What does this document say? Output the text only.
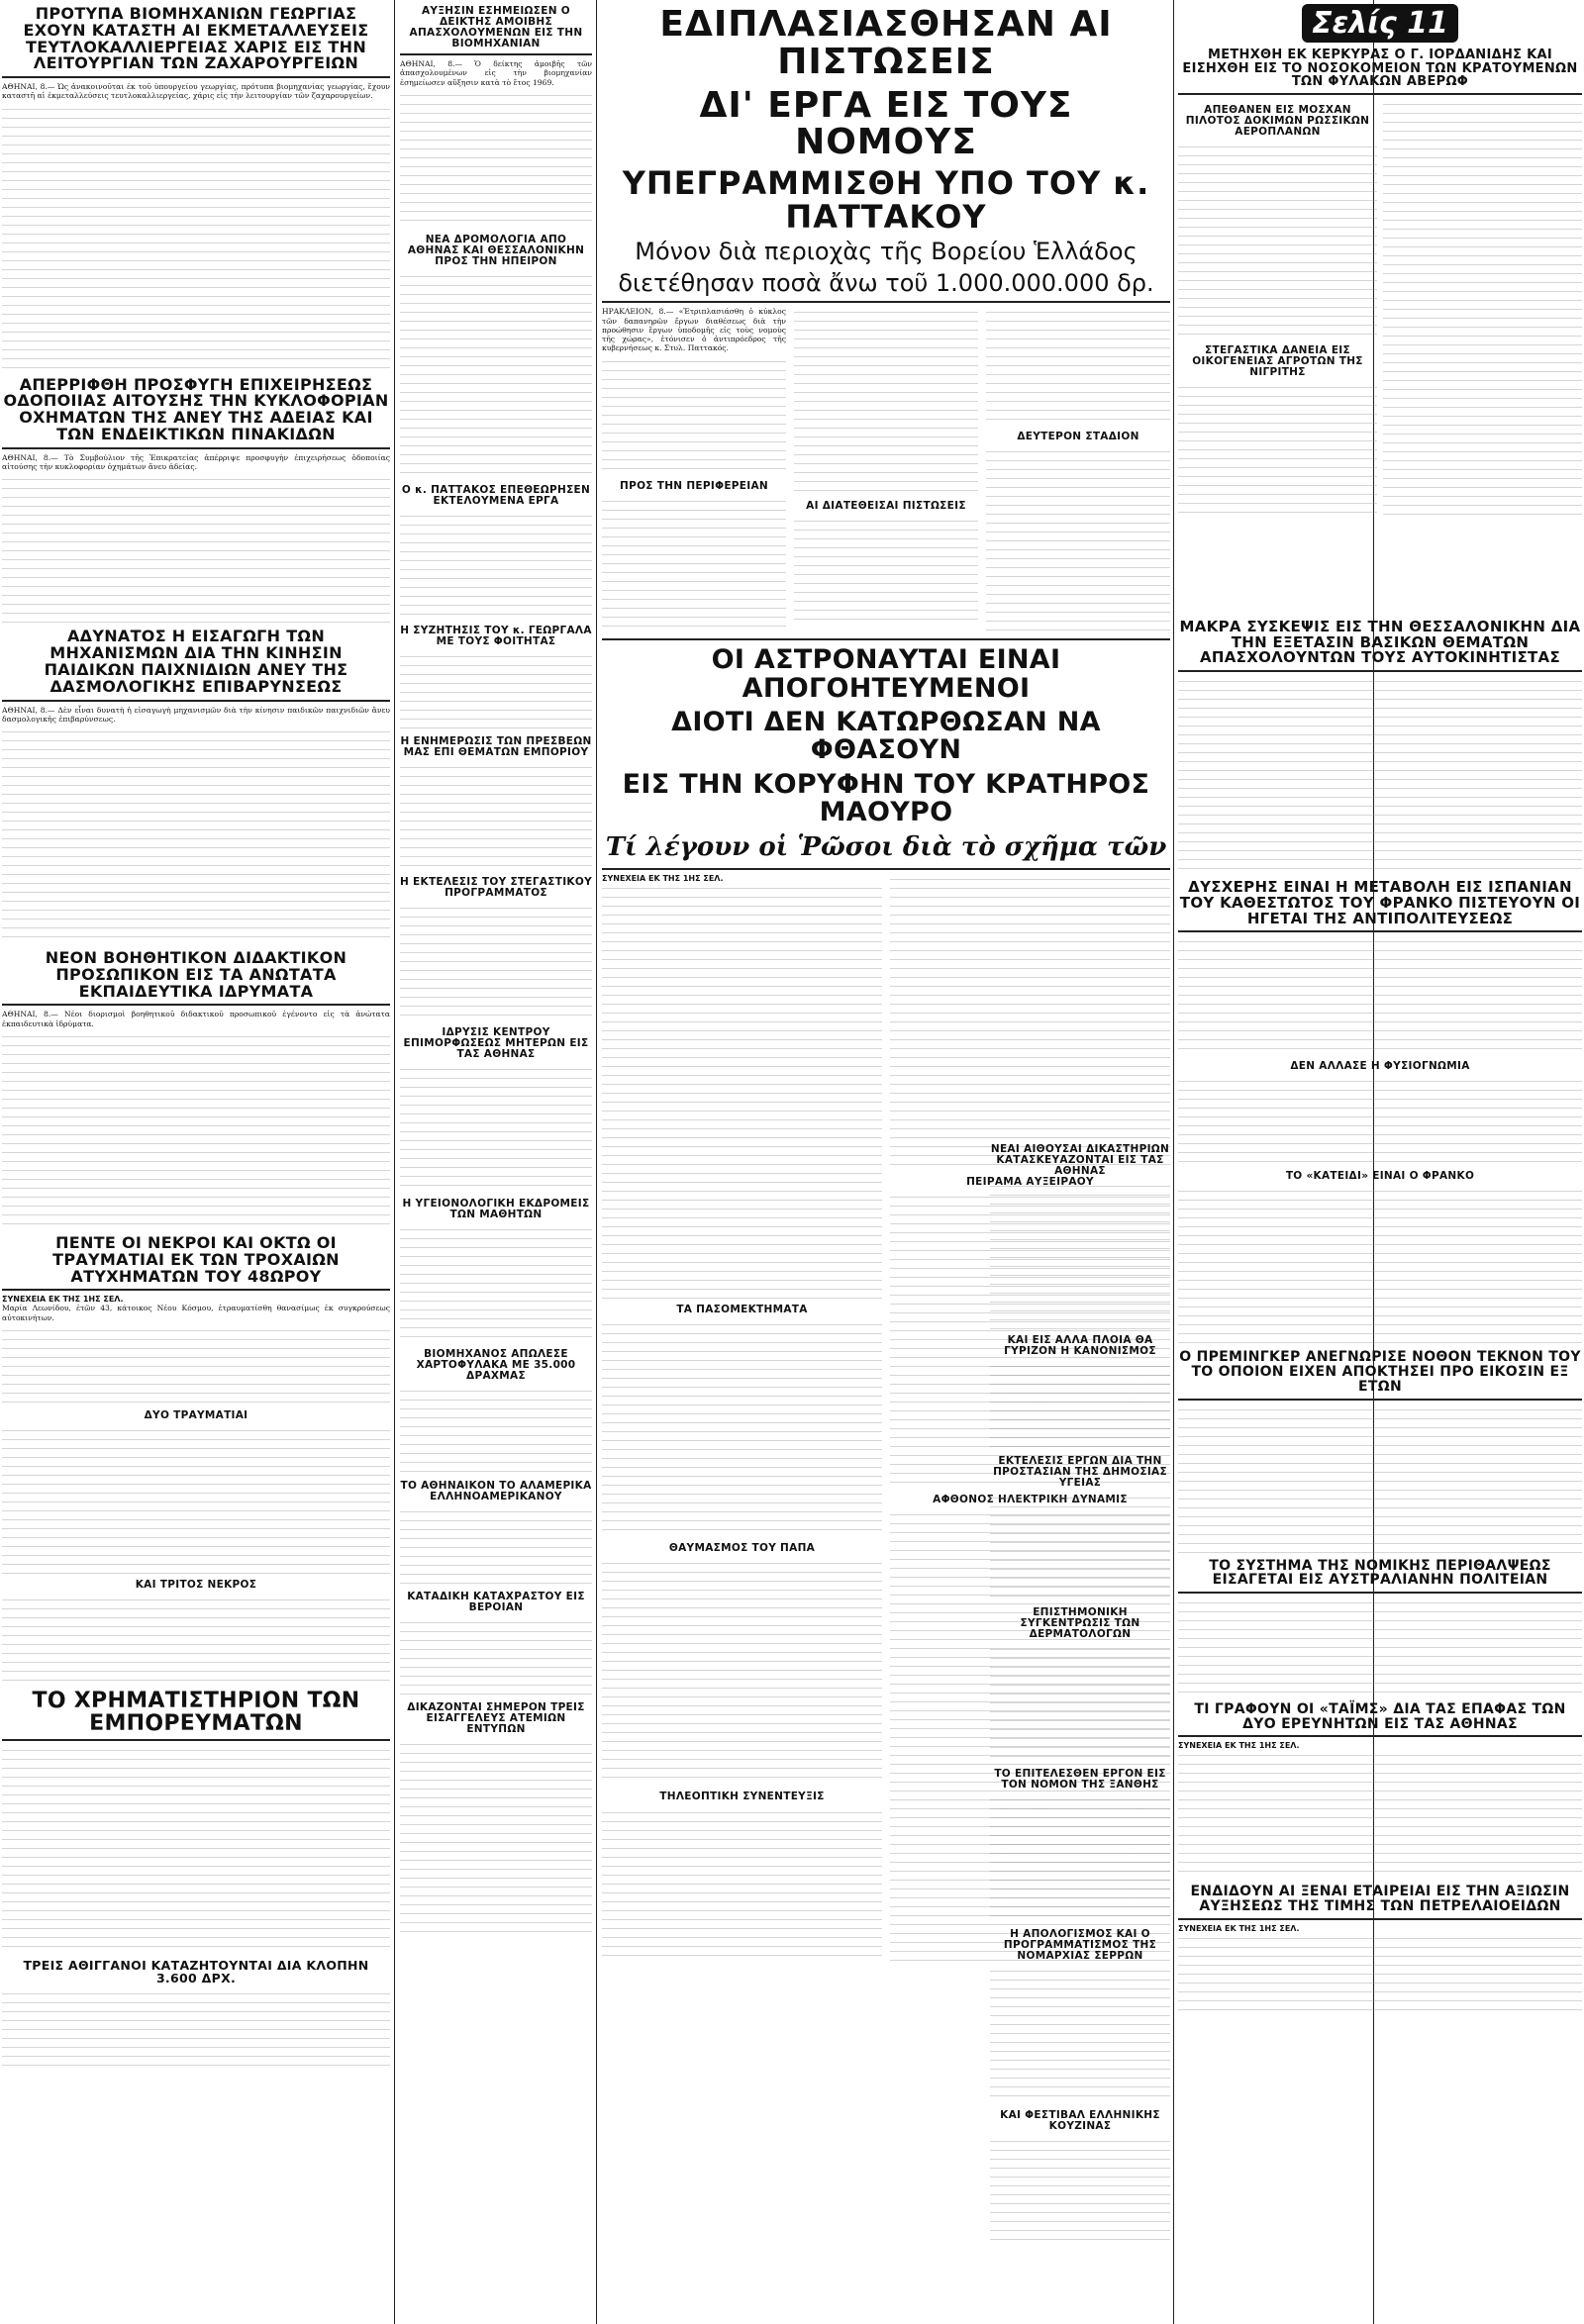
ΠΡΟΤΥΠΑ ΒΙΟΜΗΧΑΝΙΩΝ ΓΕΩΡΓΙΑΣ ΕΧΟΥΝ ΚΑΤΑΣΤΗ ΑΙ ΕΚΜΕΤΑΛΛΕΥΣΕΙΣ ΤΕΥΤΛΟΚΑΛΛΙΕΡΓΕΙΑΣ ΧΑΡΙΣ ΕΙΣ ΤΗΝ ΛΕΙΤΟΥΡΓΙΑΝ ΤΩΝ ΖΑΧΑΡΟΥΡΓΕΙΩΝ

ΑΘΗΝΑΙ, 8.— Ὡς ἀνακοινοῦται ἐκ τοῦ ὑπουργείου γεωργίας, πρότυπα βιομηχανίας γεωργίας, ἔχουν καταστῆ αἱ ἐκμεταλλεύσεις τευτλοκαλλιεργείας, χάρις εἰς τὴν λειτουργίαν τῶν ζαχαρουργείων.

ΑΠΕΡΡΙΦΘΗ ΠΡΟΣΦΥΓΗ ΕΠΙΧΕΙΡΗΣΕΩΣ ΟΔΟΠΟΙΙΑΣ ΑΙΤΟΥΣΗΣ ΤΗΝ ΚΥΚΛΟΦΟΡΙΑΝ ΟΧΗΜΑΤΩΝ ΤΗΣ ΑΝΕΥ ΤΗΣ ΑΔΕΙΑΣ ΚΑΙ ΤΩΝ ΕΝΔΕΙΚΤΙΚΩΝ ΠΙΝΑΚΙΔΩΝ

ΑΘΗΝΑΙ, 8.— Τὸ Συμβούλιον τῆς Ἐπικρατείας ἀπέρριψε προσφυγὴν ἐπιχειρήσεως ὁδοποιίας αἰτούσης τὴν κυκλοφορίαν ὀχημάτων ἄνευ ἀδείας.

ΑΔΥΝΑΤΟΣ Η ΕΙΣΑΓΩΓΗ ΤΩΝ ΜΗΧΑΝΙΣΜΩΝ ΔΙΑ ΤΗΝ ΚΙΝΗΣΙΝ ΠΑΙΔΙΚΩΝ ΠΑΙΧΝΙΔΙΩΝ ΑΝΕΥ ΤΗΣ ΔΑΣΜΟΛΟΓΙΚΗΣ ΕΠΙΒΑΡΥΝΣΕΩΣ

ΑΘΗΝΑΙ, 8.— Δὲν εἶναι δυνατὴ ἡ εἰσαγωγὴ μηχανισμῶν διὰ τὴν κίνησιν παιδικῶν παιχνιδιῶν ἄνευ δασμολογικῆς ἐπιβαρύνσεως.

ΝΕΟΝ ΒΟΗΘΗΤΙΚΟΝ ΔΙΔΑΚΤΙΚΟΝ ΠΡΟΣΩΠΙΚΟΝ ΕΙΣ ΤΑ ΑΝΩΤΑΤΑ ΕΚΠΑΙΔΕΥΤΙΚΑ ΙΔΡΥΜΑΤΑ

ΑΘΗΝΑΙ, 8.— Νέοι διορισμοὶ βοηθητικοῦ διδακτικοῦ προσωπικοῦ ἐγένοντο εἰς τὰ ἀνώτατα ἐκπαιδευτικὰ ἱδρύματα.

ΠΕΝΤΕ ΟΙ ΝΕΚΡΟΙ ΚΑΙ ΟΚΤΩ ΟΙ ΤΡΑΥΜΑΤΙΑΙ ΕΚ ΤΩΝ ΤΡΟΧΑΙΩΝ ΑΤΥΧΗΜΑΤΩΝ ΤΟΥ 48ΩΡΟΥ
ΣΥΝΕΧΕΙΑ ΕΚ ΤΗΣ 1ΗΣ ΣΕΛ.

Μαρία Λεωνίδου, ἐτῶν 43, κάτοικος Νέου Κόσμου, ἐτραυματίσθη θανασίμως ἐκ συγκρούσεως αὐτοκινήτων.

ΔΥΟ ΤΡΑΥΜΑΤΙΑΙ
ΚΑΙ ΤΡΙΤΟΣ ΝΕΚΡΟΣ
ΤΟ ΧΡΗΜΑΤΙΣΤΗΡΙΟΝ ΤΩΝ ΕΜΠΟΡΕΥΜΑΤΩΝ
ΤΡΕΙΣ ΑΘΙΓΓΑΝΟΙ ΚΑΤΑΖΗΤΟΥΝΤΑΙ ΔΙΑ ΚΛΟΠΗΝ 3.600 ΔΡΧ.
ΑΥΞΗΣΙΝ ΕΣΗΜΕΙΩΣΕΝ Ο ΔΕΙΚΤΗΣ ΑΜΟΙΒΗΣ ΑΠΑΣΧΟΛΟΥΜΕΝΩΝ ΕΙΣ ΤΗΝ ΒΙΟΜΗΧΑΝΙΑΝ

ΑΘΗΝΑΙ, 8.— Ὁ δείκτης ἀμοιβῆς τῶν ἀπασχολουμένων εἰς τὴν βιομηχανίαν ἐσημείωσεν αὔξησιν κατὰ τὸ ἔτος 1969.

ΝΕΑ ΔΡΟΜΟΛΟΓΙΑ ΑΠΟ ΑΘΗΝΑΣ ΚΑΙ ΘΕΣΣΑΛΟΝΙΚΗΝ ΠΡΟΣ ΤΗΝ ΗΠΕΙΡΟΝ
Ο κ. ΠΑΤΤΑΚΟΣ ΕΠΕΘΕΩΡΗΣΕΝ ΕΚΤΕΛΟΥΜΕΝΑ ΕΡΓΑ
Η ΣΥΖΗΤΗΣΙΣ ΤΟΥ κ. ΓΕΩΡΓΑΛΑ ΜΕ ΤΟΥΣ ΦΟΙΤΗΤΑΣ
Η ΕΝΗΜΕΡΩΣΙΣ ΤΩΝ ΠΡΕΣΒΕΩΝ ΜΑΣ ΕΠΙ ΘΕΜΑΤΩΝ ΕΜΠΟΡΙΟΥ
Η ΕΚΤΕΛΕΣΙΣ ΤΟΥ ΣΤΕΓΑΣΤΙΚΟΥ ΠΡΟΓΡΑΜΜΑΤΟΣ
ΙΔΡΥΣΙΣ ΚΕΝΤΡΟΥ ΕΠΙΜΟΡΦΩΣΕΩΣ ΜΗΤΕΡΩΝ ΕΙΣ ΤΑΣ ΑΘΗΝΑΣ
Η ΥΓΕΙΟΝΟΛΟΓΙΚΗ ΕΚΔΡΟΜΕΙΣ ΤΩΝ ΜΑΘΗΤΩΝ
ΒΙΟΜΗΧΑΝΟΣ ΑΠΩΛΕΣΕ ΧΑΡΤΟΦΥΛΑΚΑ ΜΕ 35.000 ΔΡΑΧΜΑΣ
ΤΟ ΑΘΗΝΑΙΚΟΝ ΤΟ ΑΛΑΜΕΡΙΚΑ ΕΛΛΗΝΟΑΜΕΡΙΚΑΝΟΥ
ΚΑΤΑΔΙΚΗ ΚΑΤΑΧΡΑΣΤΟΥ ΕΙΣ ΒΕΡΟΙΑΝ
ΔΙΚΑΖΟΝΤΑΙ ΣΗΜΕΡΟΝ ΤΡΕΙΣ ΕΙΣΑΓΓΕΛΕΥΣ ΑΤΕΜΙΩΝ ΕΝΤΥΠΩΝ
ΕΔΙΠΛΑΣΙΑΣΘΗΣΑΝ ΑΙ ΠΙΣΤΩΣΕΙΣ
ΔΙ' ΕΡΓΑ ΕΙΣ ΤΟΥΣ ΝΟΜΟΥΣ
ΥΠΕΓΡΑΜΜΙΣΘΗ ΥΠΟ ΤΟΥ κ. ΠΑΤΤΑΚΟΥ
Μόνον διὰ περιοχὰς τῆς Βορείου Ἑλλάδος
διετέθησαν ποσὰ ἄνω τοῦ 1.000.000.000 δρ.

ΗΡΑΚΛΕΙΟΝ, 8.— «Ἐτριπλασιάσθη ὁ κύκλος τῶν δαπανηρῶν ἔργων διαθέσεως διὰ τὴν προώθησιν ἔργων ὑποδομῆς εἰς τοὺς νομοὺς τῆς χώρας», ἐτόνισεν ὁ ἀντιπρόεδρος τῆς κυβερνήσεως κ. Στυλ. Παττακός.

ΠΡΟΣ ΤΗΝ ΠΕΡΙΦΕΡΕΙΑΝ
ΑΙ ΔΙΑΤΕΘΕΙΣΑΙ ΠΙΣΤΩΣΕΙΣ
ΔΕΥΤΕΡΟΝ ΣΤΑΔΙΟΝ
ΟΙ ΑΣΤΡΟΝΑΥΤΑΙ ΕΙΝΑΙ ΑΠΟΓΟΗΤΕΥΜΕΝΟΙ
ΔΙΟΤΙ ΔΕΝ ΚΑΤΩΡΘΩΣΑΝ ΝΑ ΦΘΑΣΟΥΝ
ΕΙΣ ΤΗΝ ΚΟΡΥΦΗΝ ΤΟΥ ΚΡΑΤΗΡΟΣ ΜΑΟΥΡΟ
Τί λέγουν οἱ Ῥῶσοι διὰ τὸ σχῆμα τῶν
ΣΥΝΕΧΕΙΑ ΕΚ ΤΗΣ 1ΗΣ ΣΕΛ.
ΤΑ ΠΑΣΟΜΕΚΤΗΜΑΤΑ
ΘΑΥΜΑΣΜΟΣ ΤΟΥ ΠΑΠΑ
ΤΗΛΕΟΠΤΙΚΗ ΣΥΝΕΝΤΕΥΞΙΣ
ΠΕΙΡΑΜΑ ΑΥΞΕΙΡΑΟΥ
ΑΦΘΟΝΟΣ ΗΛΕΚΤΡΙΚΗ ΔΥΝΑΜΙΣ
Σελίς 11
ΜΕΤΗΧΘΗ ΕΚ ΚΕΡΚΥΡΑΣ Ο Γ. ΙΟΡΔΑΝΙΔΗΣ ΚΑΙ ΕΙΣΗΧΘΗ ΕΙΣ ΤΟ ΝΟΣΟΚΟΜΕΙΟΝ ΤΩΝ ΚΡΑΤΟΥΜΕΝΩΝ ΤΩΝ ΦΥΛΑΚΩΝ ΑΒΕΡΩΦ
ΑΠΕΘΑΝΕΝ ΕΙΣ ΜΟΣΧΑΝ ΠΙΛΟΤΟΣ ΔΟΚΙΜΩΝ ΡΩΣΣΙΚΩΝ ΑΕΡΟΠΛΑΝΩΝ
ΣΤΕΓΑΣΤΙΚΑ ΔΑΝΕΙΑ ΕΙΣ ΟΙΚΟΓΕΝΕΙΑΣ ΑΓΡΟΤΩΝ ΤΗΣ ΝΙΓΡΙΤΗΣ
ΜΑΚΡΑ ΣΥΣΚΕΨΙΣ ΕΙΣ ΤΗΝ ΘΕΣΣΑΛΟΝΙΚΗΝ ΔΙΑ ΤΗΝ ΕΞΕΤΑΣΙΝ ΒΑΣΙΚΩΝ ΘΕΜΑΤΩΝ ΑΠΑΣΧΟΛΟΥΝΤΩΝ ΤΟΥΣ ΑΥΤΟΚΙΝΗΤΙΣΤΑΣ
ΔΥΣΧΕΡΗΣ ΕΙΝΑΙ Η ΜΕΤΑΒΟΛΗ ΕΙΣ ΙΣΠΑΝΙΑΝ ΤΟΥ ΚΑΘΕΣΤΩΤΟΣ ΤΟΥ ΦΡΑΝΚΟ ΠΙΣΤΕΥΟΥΝ ΟΙ ΗΓΕΤΑΙ ΤΗΣ ΑΝΤΙΠΟΛΙΤΕΥΣΕΩΣ
ΔΕΝ ΑΛΛΑΣΕ Η ΦΥΣΙΟΓΝΩΜΙΑ
ΤΟ «ΚΑΤΕΙΔΙ» ΕΙΝΑΙ Ο ΦΡΑΝΚΟ
Ο ΠΡΕΜΙΝΓΚΕΡ ΑΝΕΓΝΩΡΙΣΕ ΝΟΘΟΝ ΤΕΚΝΟΝ ΤΟΥ ΤΟ ΟΠΟΙΟΝ ΕΙΧΕΝ ΑΠΟΚΤΗΣΕΙ ΠΡΟ ΕΙΚΟΣΙΝ ΕΞ ΕΤΩΝ
ΤΟ ΣΥΣΤΗΜΑ ΤΗΣ ΝΟΜΙΚΗΣ ΠΕΡΙΘΑΛΨΕΩΣ ΕΙΣΑΓΕΤΑΙ ΕΙΣ ΑΥΣΤΡΑΛΙΑΝΗΝ ΠΟΛΙΤΕΙΑΝ
ΤΙ ΓΡΑΦΟΥΝ ΟΙ «ΤΑΪΜΣ» ΔΙΑ ΤΑΣ ΕΠΑΦΑΣ ΤΩΝ ΔΥΟ ΕΡΕΥΝΗΤΩΝ ΕΙΣ ΤΑΣ ΑΘΗΝΑΣ
ΣΥΝΕΧΕΙΑ ΕΚ ΤΗΣ 1ΗΣ ΣΕΛ.
ΕΝΔΙΔΟΥΝ ΑΙ ΞΕΝΑΙ ΕΤΑΙΡΕΙΑΙ ΕΙΣ ΤΗΝ ΑΞΙΩΣΙΝ ΑΥΞΗΣΕΩΣ ΤΗΣ ΤΙΜΗΣ ΤΩΝ ΠΕΤΡΕΛΑΙΟΕΙΔΩΝ
ΣΥΝΕΧΕΙΑ ΕΚ ΤΗΣ 1ΗΣ ΣΕΛ.
ΝΕΑΙ ΑΙΘΟΥΣΑΙ ΔΙΚΑΣΤΗΡΙΩΝ ΚΑΤΑΣΚΕΥΑΖΟΝΤΑΙ ΕΙΣ ΤΑΣ ΑΘΗΝΑΣ
ΚΑΙ ΕΙΣ ΑΛΛΑ ΠΛΟΙΑ ΘΑ ΓΥΡΙΖΟΝ Η ΚΑΝΟΝΙΣΜΟΣ
ΕΚΤΕΛΕΣΙΣ ΕΡΓΩΝ ΔΙΑ ΤΗΝ ΠΡΟΣΤΑΣΙΑΝ ΤΗΣ ΔΗΜΟΣΙΑΣ ΥΓΕΙΑΣ
ΕΠΙΣΤΗΜΟΝΙΚΗ ΣΥΓΚΕΝΤΡΩΣΙΣ ΤΩΝ ΔΕΡΜΑΤΟΛΟΓΩΝ
ΤΟ ΕΠΙΤΕΛΕΣΘΕΝ ΕΡΓΟΝ ΕΙΣ ΤΟΝ ΝΟΜΟΝ ΤΗΣ ΞΑΝΘΗΣ
Η ΑΠΟΛΟΓΙΣΜΟΣ ΚΑΙ Ο ΠΡΟΓΡΑΜΜΑΤΙΣΜΟΣ ΤΗΣ ΝΟΜΑΡΧΙΑΣ ΣΕΡΡΩΝ
ΚΑΙ ΦΕΣΤΙΒΑΛ ΕΛΛΗΝΙΚΗΣ ΚΟΥΖΙΝΑΣ
